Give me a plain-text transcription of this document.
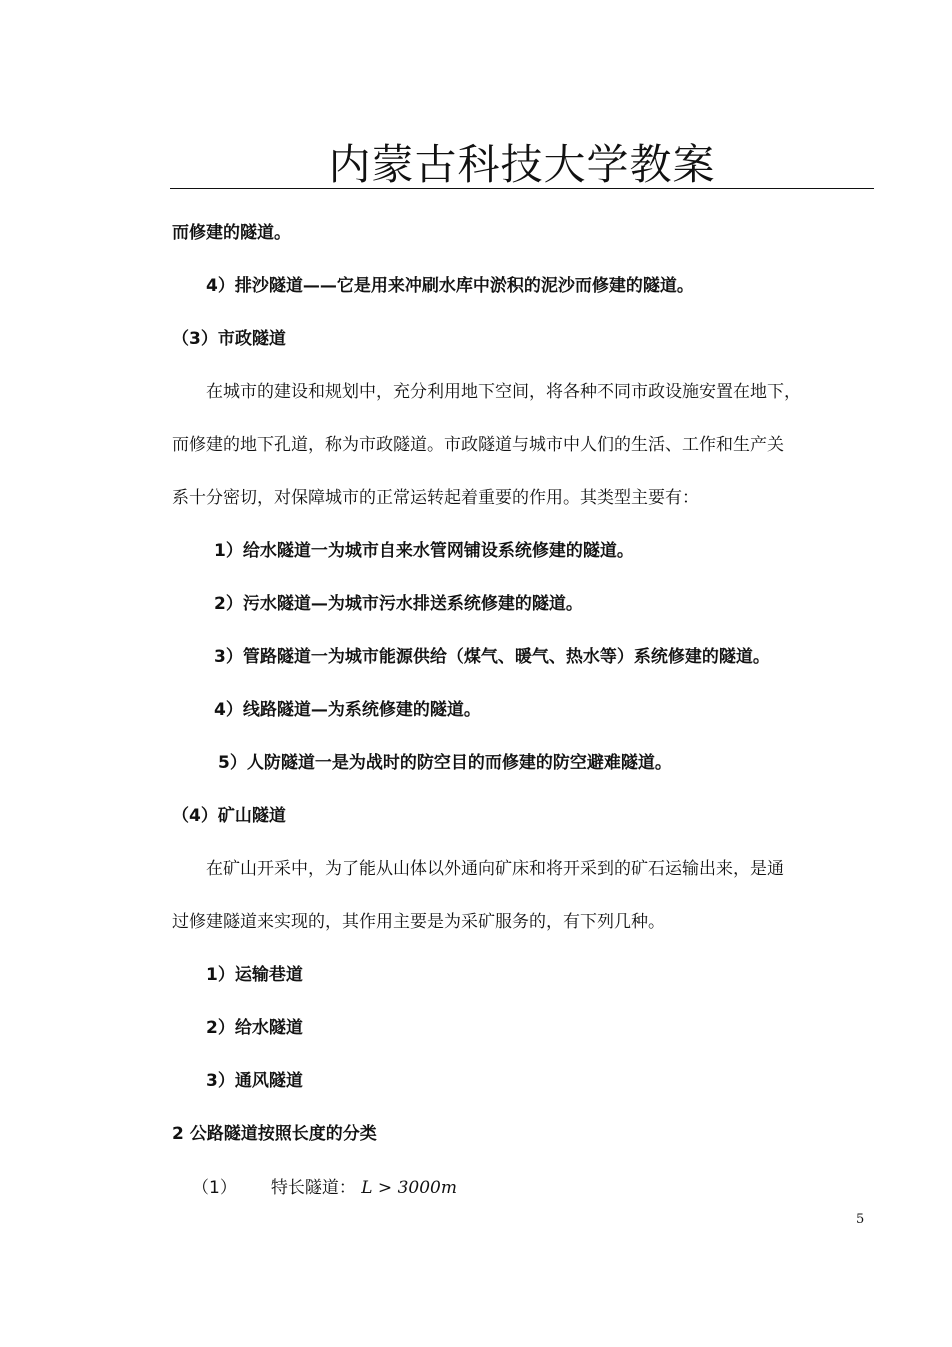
内蒙古科技大学教案
而修建的隧道。
4）排沙隧道——它是用来冲刷水库中淤积的泥沙而修建的隧道。
（3）市政隧道
在城市的建设和规划中，充分利用地下空间，将各种不同市政设施安置在地下，
而修建的地下孔道，称为市政隧道。市政隧道与城市中人们的生活、工作和生产关
系十分密切，对保障城市的正常运转起着重要的作用。其类型主要有：
1）给水隧道一为城市自来水管网铺设系统修建的隧道。
2）污水隧道—为城市污水排送系统修建的隧道。
3）管路隧道一为城市能源供给（煤气、暖气、热水等）系统修建的隧道。
4）线路隧道—为系统修建的隧道。
5）人防隧道一是为战时的防空目的而修建的防空避难隧道。
（4）矿山隧道
在矿山开采中，为了能从山体以外通向矿床和将开采到的矿石运输出来，是通
过修建隧道来实现的，其作用主要是为采矿服务的，有下列几种。
1）运输巷道
2）给水隧道
3）通风隧道
2 公路隧道按照长度的分类
（1） 特长隧道： L > 3000m
5
